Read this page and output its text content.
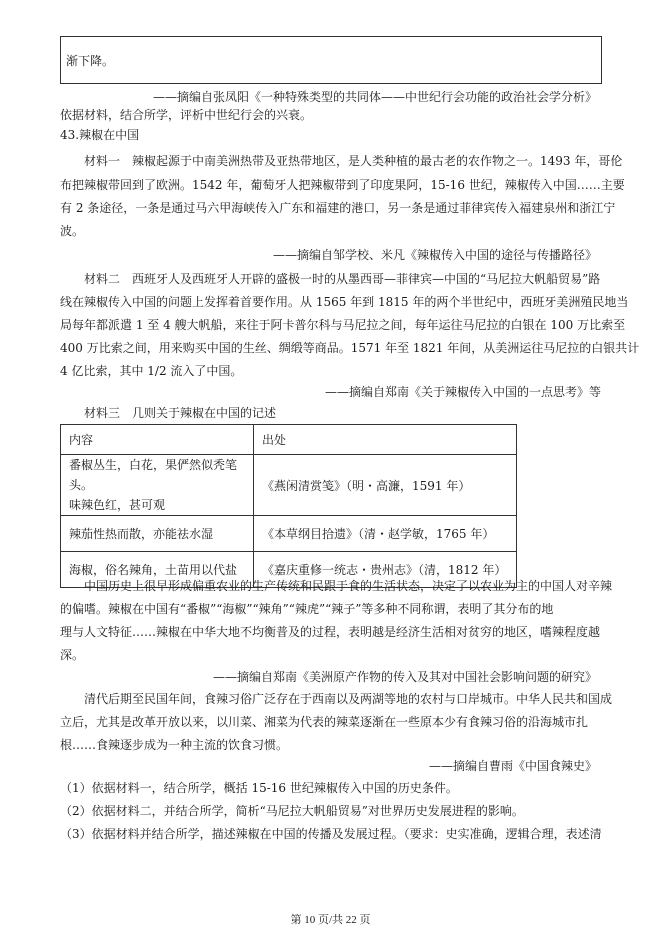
渐下降。
——摘编自张凤阳《一种特殊类型的共同体——中世纪行会功能的政治社会学分析》
依据材料，结合所学，评析中世纪行会的兴衰。
43.辣椒在中国
材料一　辣椒起源于中南美洲热带及亚热带地区，是人类种植的最古老的农作物之一。1493 年，哥伦
布把辣椒带回到了欧洲。1542 年，葡萄牙人把辣椒带到了印度果阿，15-16 世纪，辣椒传入中国……主要
有 2 条途径，一条是通过马六甲海峡传入广东和福建的港口，另一条是通过菲律宾传入福建泉州和浙江宁
波。
——摘编自邹学校、米凡《辣椒传入中国的途径与传播路径》
材料二　西班牙人及西班牙人开辟的盛极一时的从墨西哥—菲律宾—中国的“马尼拉大帆船贸易”路
线在辣椒传入中国的问题上发挥着首要作用。从 1565 年到 1815 年的两个半世纪中，西班牙美洲殖民地当
局每年都派遣 1 至 4 艘大帆船，来往于阿卡普尔科与马尼拉之间，每年运往马尼拉的白银在 100 万比索至
400 万比索之间，用来购买中国的生丝、绸缎等商品。1571 年至 1821 年间，从美洲运往马尼拉的白银共计
4 亿比索，其中 1/2 流入了中国。
——摘编自郑南《关于辣椒传入中国的一点思考》等
材料三　几则关于辣椒在中国的记述
内容	出处

番椒丛生，白花，果俨然似秃笔头。
味辣色红，甚可观	《燕闲清赏笺》（明・高濂，1591 年）
辣茄性热而散，亦能祛水湿	《本草纲目拾遗》（清・赵学敏，1765 年）
海椒，俗名辣角，土苗用以代盐	《嘉庆重修一统志・贵州志》（清，1812 年）
中国历史上很早形成偏重农业的生产传统和民跟于食的生活状态，决定了以农业为主的中国人对辛辣
的偏嗜。辣椒在中国有“番椒”“海椒”“辣角”“辣虎”“辣子”等多种不同称谓，表明了其分布的地
理与人文特征……辣椒在中华大地不均衡普及的过程，表明越是经济生活相对贫穷的地区，嗜辣程度越
深。
——摘编自郑南《美洲原产作物的传入及其对中国社会影响问题的研究》
清代后期至民国年间，食辣习俗广泛存在于西南以及两湖等地的农村与口岸城市。中华人民共和国成
立后，尤其是改革开放以来，以川菜、湘菜为代表的辣菜逐渐在一些原本少有食辣习俗的沿海城市扎
根……食辣逐步成为一种主流的饮食习惯。
——摘编自曹雨《中国食辣史》
（1）依据材料一，结合所学，概括 15-16 世纪辣椒传入中国的历史条件。
（2）依据材料二，并结合所学，简析“马尼拉大帆船贸易”对世界历史发展进程的影响。
（3）依据材料并结合所学，描述辣椒在中国的传播及发展过程。（要求：史实准确，逻辑合理，表述清
第 10 页/共 22 页
